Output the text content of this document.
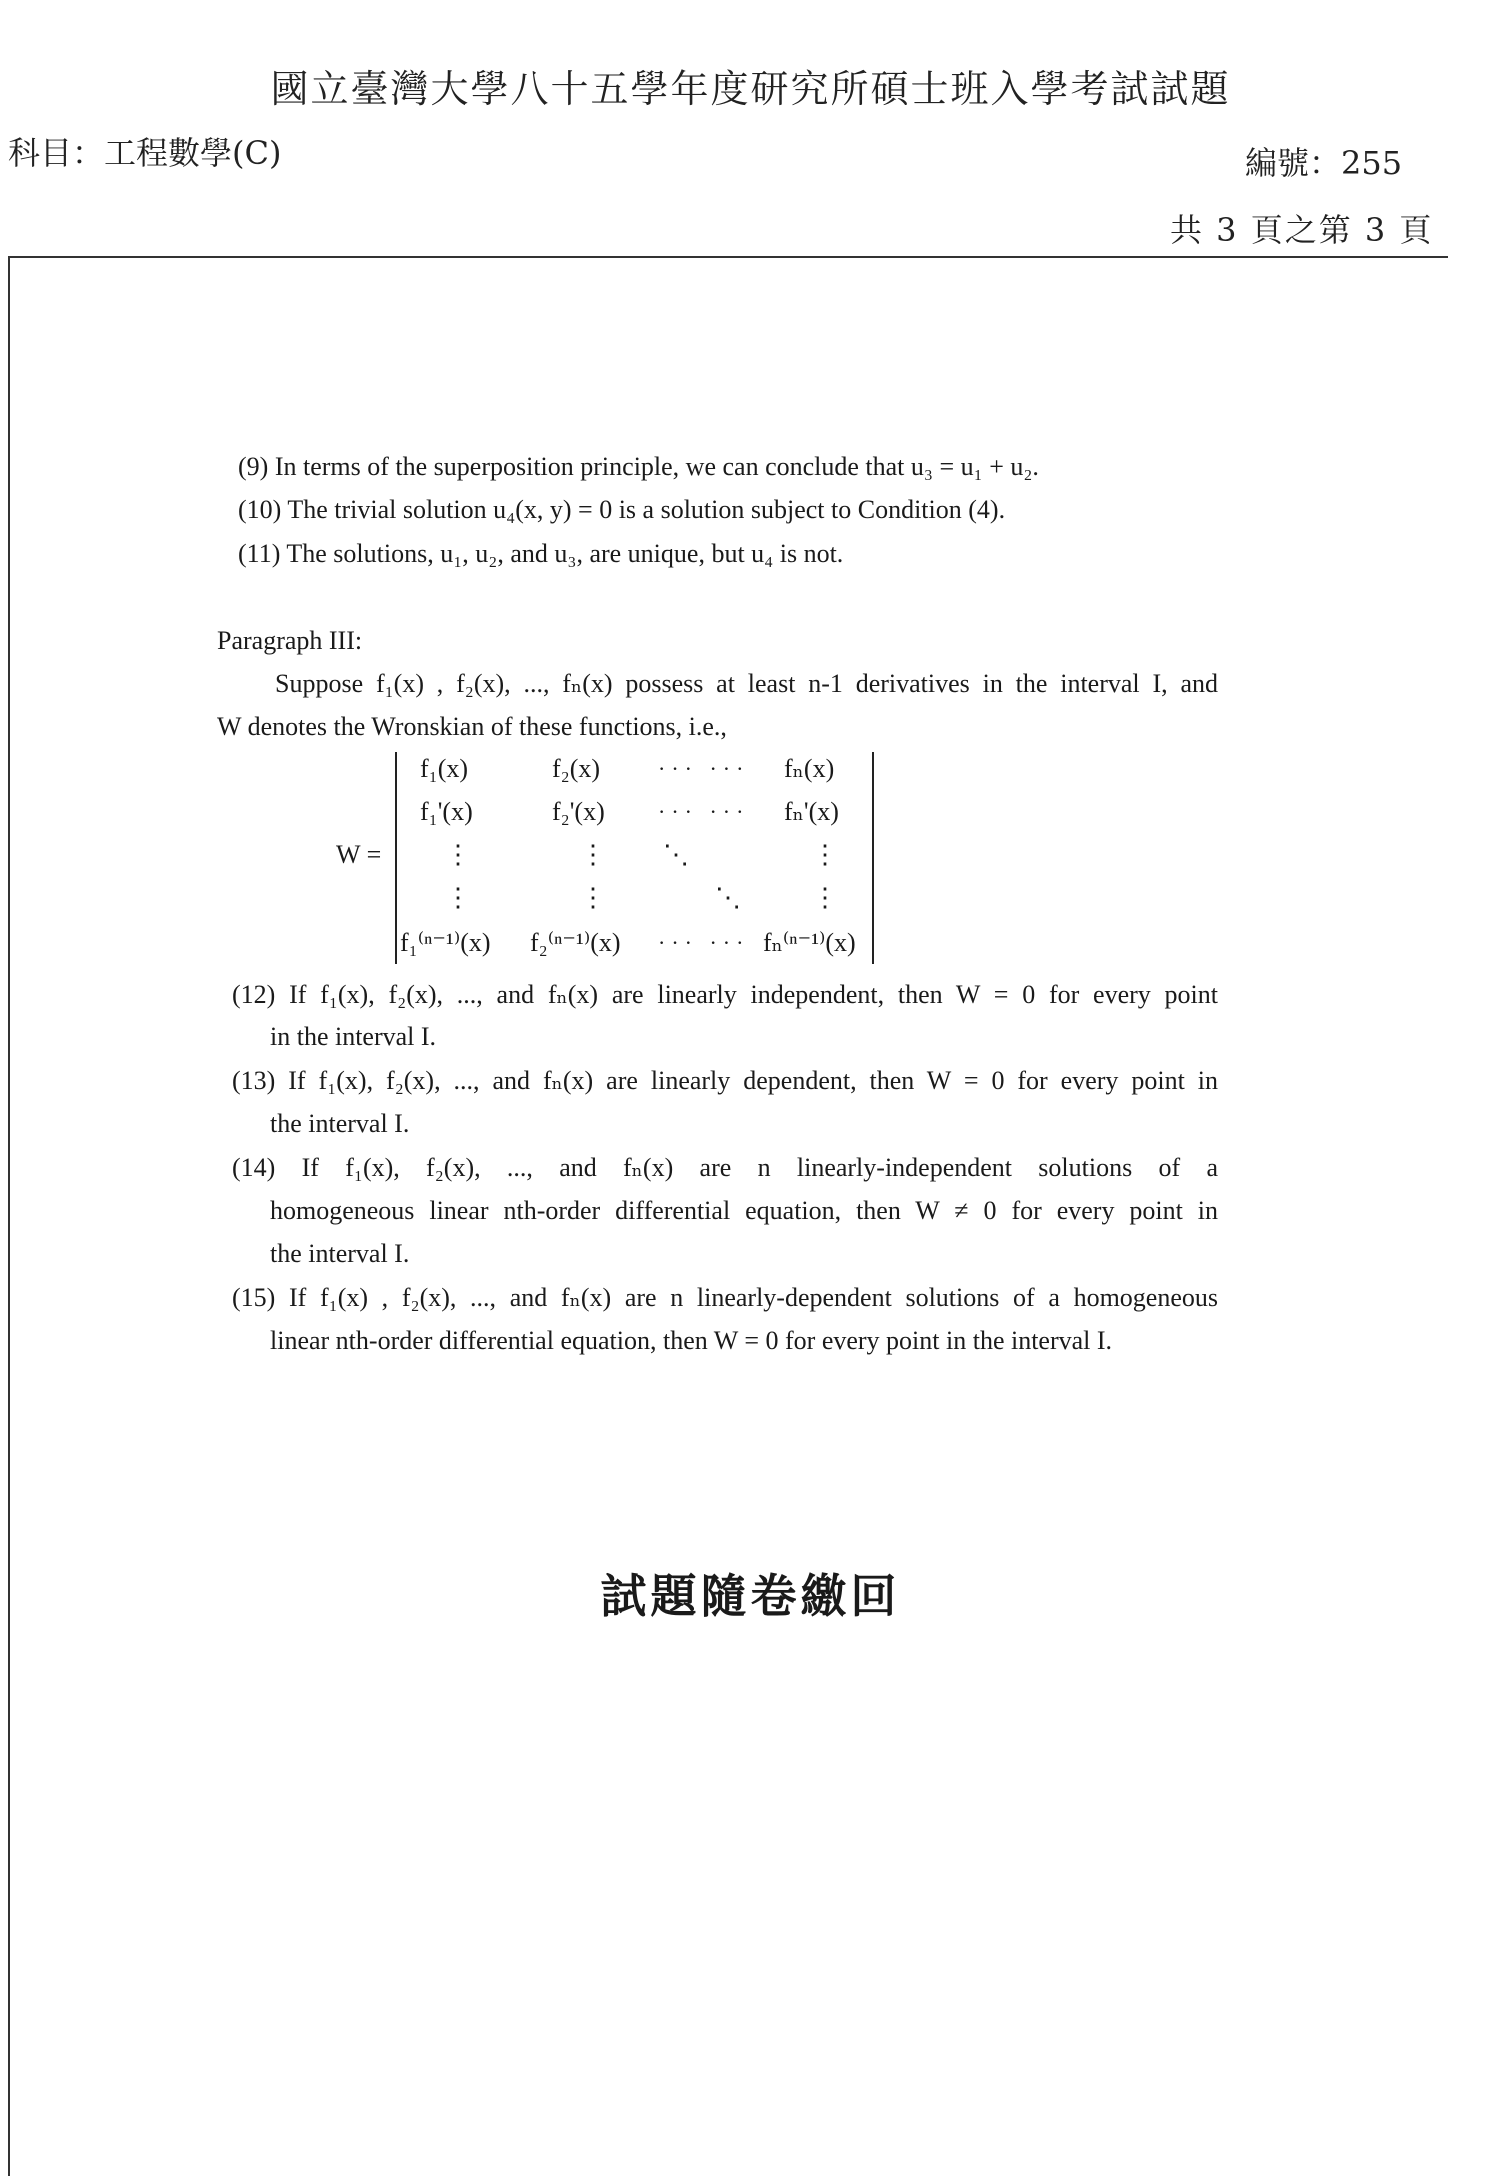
國立臺灣大學八十五學年度研究所碩士班入學考試試題
科目：工程數學(C)	編號：255
共 3 頁之第 3 頁
(9) In terms of the superposition principle, we can conclude that u₃ = u₁ + u₂.
(10) The trivial solution u₄(x, y) = 0 is a solution subject to Condition (4).
(11) The solutions, u₁, u₂, and u₃, are unique, but u₄ is not.
Paragraph III:
Suppose f₁(x) , f₂(x), ..., fₙ(x) possess at least n-1 derivatives in the interval I, and
W denotes the Wronskian of these functions, i.e.,
W =
f₁(x)	f₂(x)	··· ··· fₙ(x)
f₁'(x)	f₂'(x) ··· ··· fₙ'(x)
⋮	⋮ ⋱	⋮
⋮	⋮	⋱	⋮
f₁⁽ⁿ⁻¹⁾(x) f₂⁽ⁿ⁻¹⁾(x) ··· ··· fₙ⁽ⁿ⁻¹⁾(x)
(12) If f₁(x), f₂(x), ..., and fₙ(x) are linearly independent, then W = 0 for every point
in the interval I.
(13) If f₁(x), f₂(x), ..., and fₙ(x) are linearly dependent, then W = 0 for every point in
the interval I.
(14) If f₁(x), f₂(x), ..., and fₙ(x) are n linearly-independent solutions of a
homogeneous linear nth-order differential equation, then W ≠ 0 for every point in
the interval I.
(15) If f₁(x) , f₂(x), ..., and fₙ(x) are n linearly-dependent solutions of a homogeneous
linear nth-order differential equation, then W = 0 for every point in the interval I.
試題隨卷繳回
